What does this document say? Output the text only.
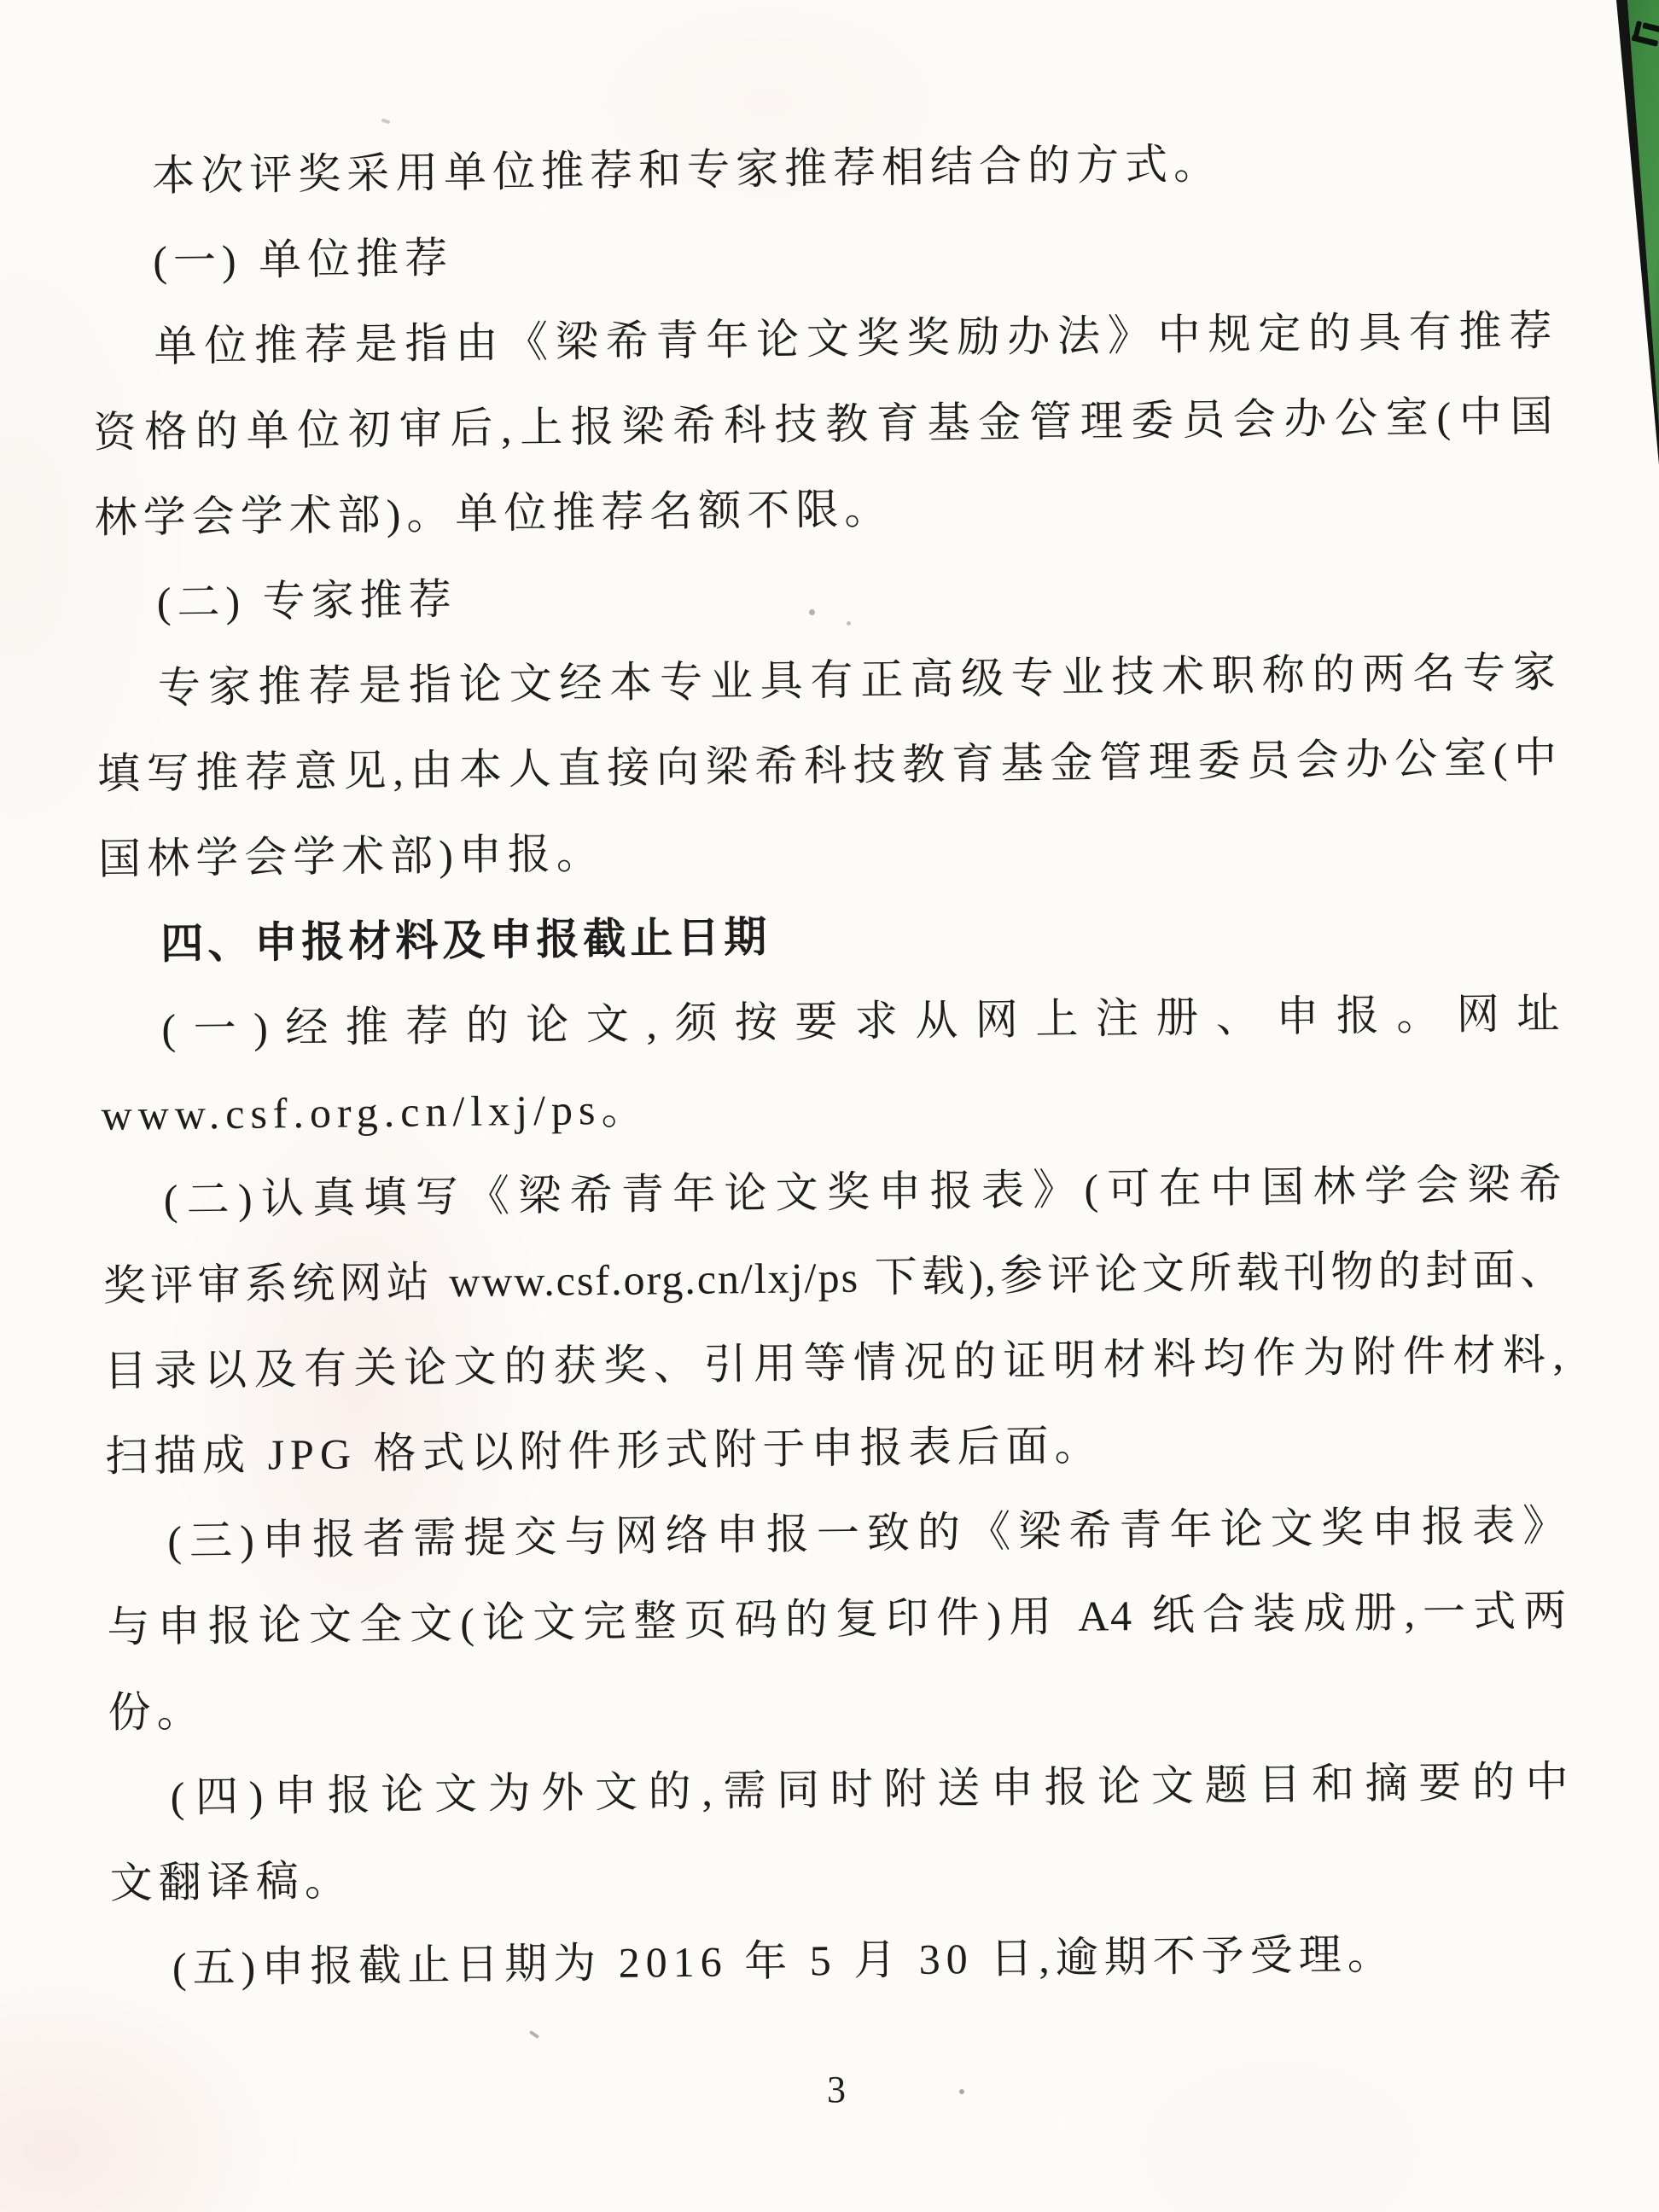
本次评奖采用单位推荐和专家推荐相结合的方式。
(一) 单位推荐
单位推荐是指由《梁希青年论文奖奖励办法》中规定的具有推荐
资格的单位初审后,上报梁希科技教育基金管理委员会办公室(中国
林学会学术部)。单位推荐名额不限。
(二) 专家推荐
专家推荐是指论文经本专业具有正高级专业技术职称的两名专家
填写推荐意见,由本人直接向梁希科技教育基金管理委员会办公室(中
国林学会学术部)申报。
四、申报材料及申报截止日期
(一)经推荐的论文,须按要求从网上注册、申报。网址
www.csf.org.cn/lxj/ps。
(二)认真填写《梁希青年论文奖申报表》(可在中国林学会梁希
奖评审系统网站 www.csf.org.cn/lxj/ps 下载),参评论文所载刊物的封面、
目录以及有关论文的获奖、引用等情况的证明材料均作为附件材料,
扫描成 JPG 格式以附件形式附于申报表后面。
(三)申报者需提交与网络申报一致的《梁希青年论文奖申报表》
与申报论文全文(论文完整页码的复印件)用 A4 纸合装成册,一式两
份。
(四)申报论文为外文的,需同时附送申报论文题目和摘要的中
文翻译稿。
(五)申报截止日期为 2016 年 5 月 30 日,逾期不予受理。
3
